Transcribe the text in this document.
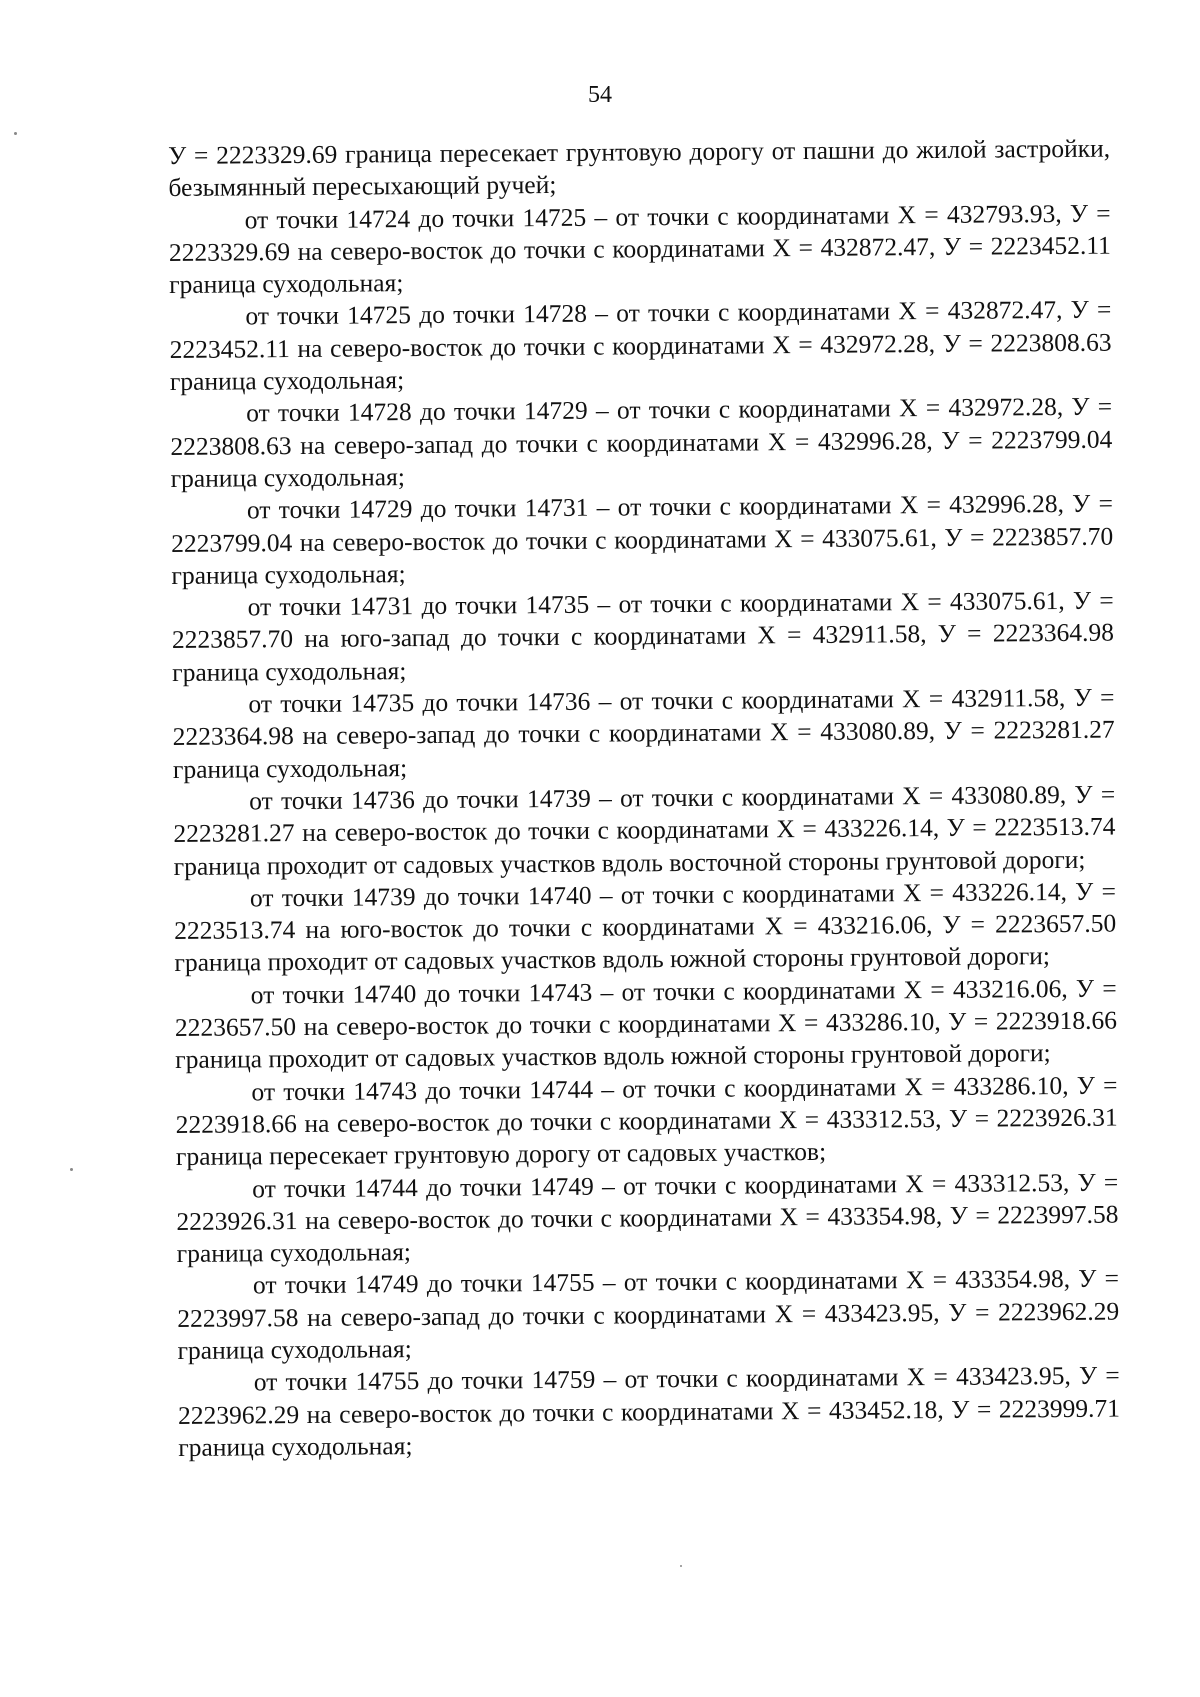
54

У = 2223329.69 граница пересекает грунтовую дорогу от пашни до жилой застройки, безымянный пересыхающий ручей;

от точки 14724 до точки 14725 – от точки с координатами Х = 432793.93, У = 2223329.69 на северо-восток до точки с координатами Х = 432872.47, У = 2223452.11 граница суходольная;

от точки 14725 до точки 14728 – от точки с координатами Х = 432872.47, У = 2223452.11 на северо-восток до точки с координатами Х = 432972.28, У = 2223808.63 граница суходольная;

от точки 14728 до точки 14729 – от точки с координатами Х = 432972.28, У = 2223808.63 на северо-запад до точки с координатами Х = 432996.28, У = 2223799.04 граница суходольная;

от точки 14729 до точки 14731 – от точки с координатами Х = 432996.28, У = 2223799.04 на северо-восток до точки с координатами Х = 433075.61, У = 2223857.70 граница суходольная;

от точки 14731 до точки 14735 – от точки с координатами Х = 433075.61, У = 2223857.70 на юго-запад до точки с координатами Х = 432911.58, У = 2223364.98 граница суходольная;

от точки 14735 до точки 14736 – от точки с координатами Х = 432911.58, У = 2223364.98 на северо-запад до точки с координатами Х = 433080.89, У = 2223281.27 граница суходольная;

от точки 14736 до точки 14739 – от точки с координатами Х = 433080.89, У = 2223281.27 на северо-восток до точки с координатами Х = 433226.14, У = 2223513.74 граница проходит от садовых участков вдоль восточной стороны грунтовой дороги;

от точки 14739 до точки 14740 – от точки с координатами Х = 433226.14, У = 2223513.74 на юго-восток до точки с координатами Х = 433216.06, У = 2223657.50 граница проходит от садовых участков вдоль южной стороны грунтовой дороги;

от точки 14740 до точки 14743 – от точки с координатами Х = 433216.06, У = 2223657.50 на северо-восток до точки с координатами Х = 433286.10, У = 2223918.66 граница проходит от садовых участков вдоль южной стороны грунтовой дороги;

от точки 14743 до точки 14744 – от точки с координатами Х = 433286.10, У = 2223918.66 на северо-восток до точки с координатами Х = 433312.53, У = 2223926.31 граница пересекает грунтовую дорогу от садовых участков;

от точки 14744 до точки 14749 – от точки с координатами Х = 433312.53, У = 2223926.31 на северо-восток до точки с координатами Х = 433354.98, У = 2223997.58 граница суходольная;

от точки 14749 до точки 14755 – от точки с координатами Х = 433354.98, У = 2223997.58 на северо-запад до точки с координатами Х = 433423.95, У = 2223962.29 граница суходольная;

от точки 14755 до точки 14759 – от точки с координатами Х = 433423.95, У = 2223962.29 на северо-восток до точки с координатами Х = 433452.18, У = 2223999.71 граница суходольная;
